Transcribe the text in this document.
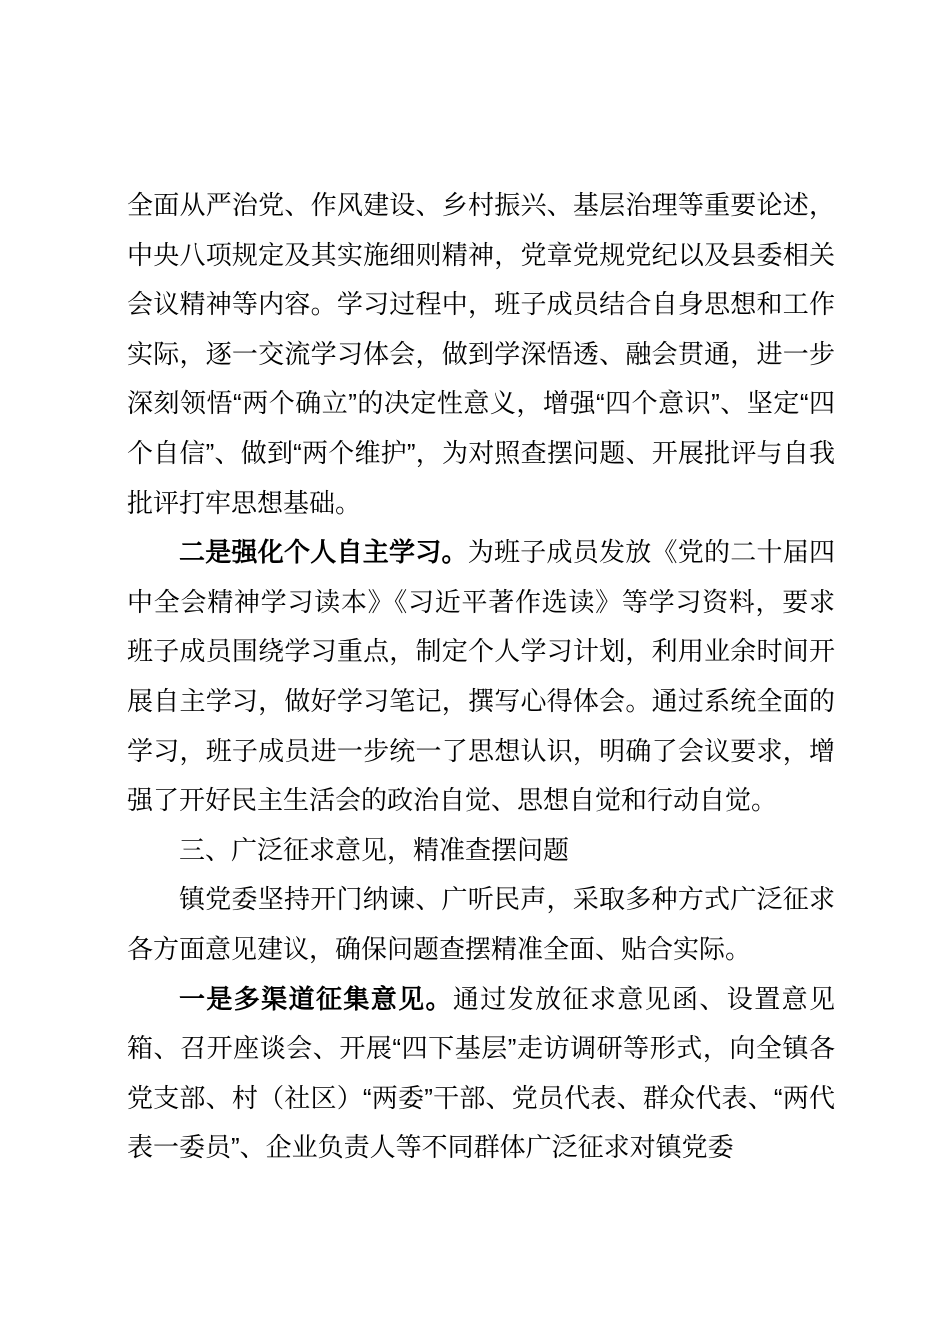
全面从严治党、作风建设、乡村振兴、基层治理等重要论述，中央八项规定及其实施细则精神，党章党规党纪以及县委相关会议精神等内容。学习过程中，班子成员结合自身思想和工作实际，逐一交流学习体会，做到学深悟透、融会贯通，进一步深刻领悟“两个确立”的决定性意义，增强“四个意识”、坚定“四个自信”、做到“两个维护”，为对照查摆问题、开展批评与自我批评打牢思想基础。

二是强化个人自主学习。为班子成员发放《党的二十届四中全会精神学习读本》《习近平著作选读》等学习资料，要求班子成员围绕学习重点，制定个人学习计划，利用业余时间开展自主学习，做好学习笔记，撰写心得体会。通过系统全面的学习，班子成员进一步统一了思想认识，明确了会议要求，增强了开好民主生活会的政治自觉、思想自觉和行动自觉。

三、广泛征求意见，精准查摆问题

镇党委坚持开门纳谏、广听民声，采取多种方式广泛征求各方面意见建议，确保问题查摆精准全面、贴合实际。

一是多渠道征集意见。通过发放征求意见函、设置意见箱、召开座谈会、开展“四下基层”走访调研等形式，向全镇各党支部、村（社区）“两委”干部、党员代表、群众代表、“两代表一委员”、企业负责人等不同群体广泛征求对镇党委
